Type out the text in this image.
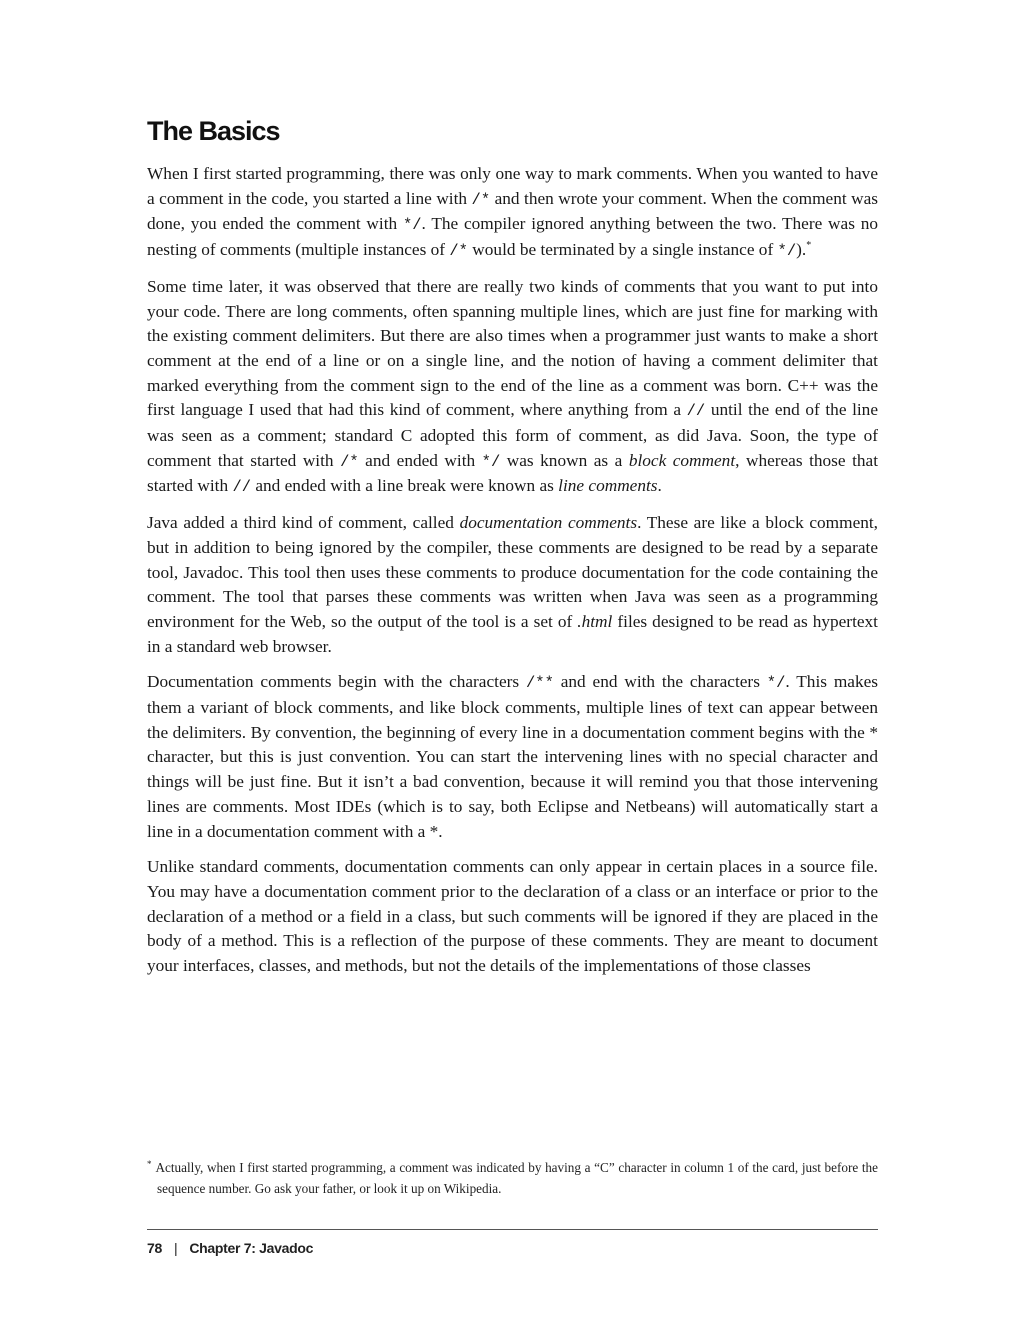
The Basics

When I first started programming, there was only one way to mark comments. When you wanted to have a comment in the code, you started a line with /* and then wrote your comment. When the comment was done, you ended the comment with */. The compiler ignored anything between the two. There was no nesting of comments (multiple instances of /* would be terminated by a single instance of */).*

Some time later, it was observed that there are really two kinds of comments that you want to put into your code. There are long comments, often spanning multiple lines, which are just fine for marking with the existing comment delimiters. But there are also times when a programmer just wants to make a short comment at the end of a line or on a single line, and the notion of having a comment delimiter that marked everything from the comment sign to the end of the line as a comment was born. C++ was the first language I used that had this kind of comment, where anything from a // until the end of the line was seen as a comment; standard C adopted this form of comment, as did Java. Soon, the type of comment that started with /* and ended with */ was known as a block comment, whereas those that started with // and ended with a line break were known as line comments.

Java added a third kind of comment, called documentation comments. These are like a block comment, but in addition to being ignored by the compiler, these comments are designed to be read by a separate tool, Javadoc. This tool then uses these comments to produce documentation for the code containing the comment. The tool that parses these comments was written when Java was seen as a programming environment for the Web, so the output of the tool is a set of .html files designed to be read as hypertext in a standard web browser.

Documentation comments begin with the characters /** and end with the characters */. This makes them a variant of block comments, and like block comments, multiple lines of text can appear between the delimiters. By convention, the beginning of every line in a documentation comment begins with the * character, but this is just convention. You can start the intervening lines with no special character and things will be just fine. But it isn’t a bad convention, because it will remind you that those intervening lines are comments. Most IDEs (which is to say, both Eclipse and Netbeans) will automatically start a line in a documentation comment with a *.

Unlike standard comments, documentation comments can only appear in certain places in a source file. You may have a documentation comment prior to the declaration of a class or an interface or prior to the declaration of a method or a field in a class, but such comments will be ignored if they are placed in the body of a method. This is a reflection of the purpose of these comments. They are meant to document your interfaces, classes, and methods, but not the details of the implementations of those classes

* Actually, when I first started programming, a comment was indicated by having a “C” character in column 1 of the card, just before the sequence number. Go ask your father, or look it up on Wikipedia.
78 | Chapter 7: Javadoc
